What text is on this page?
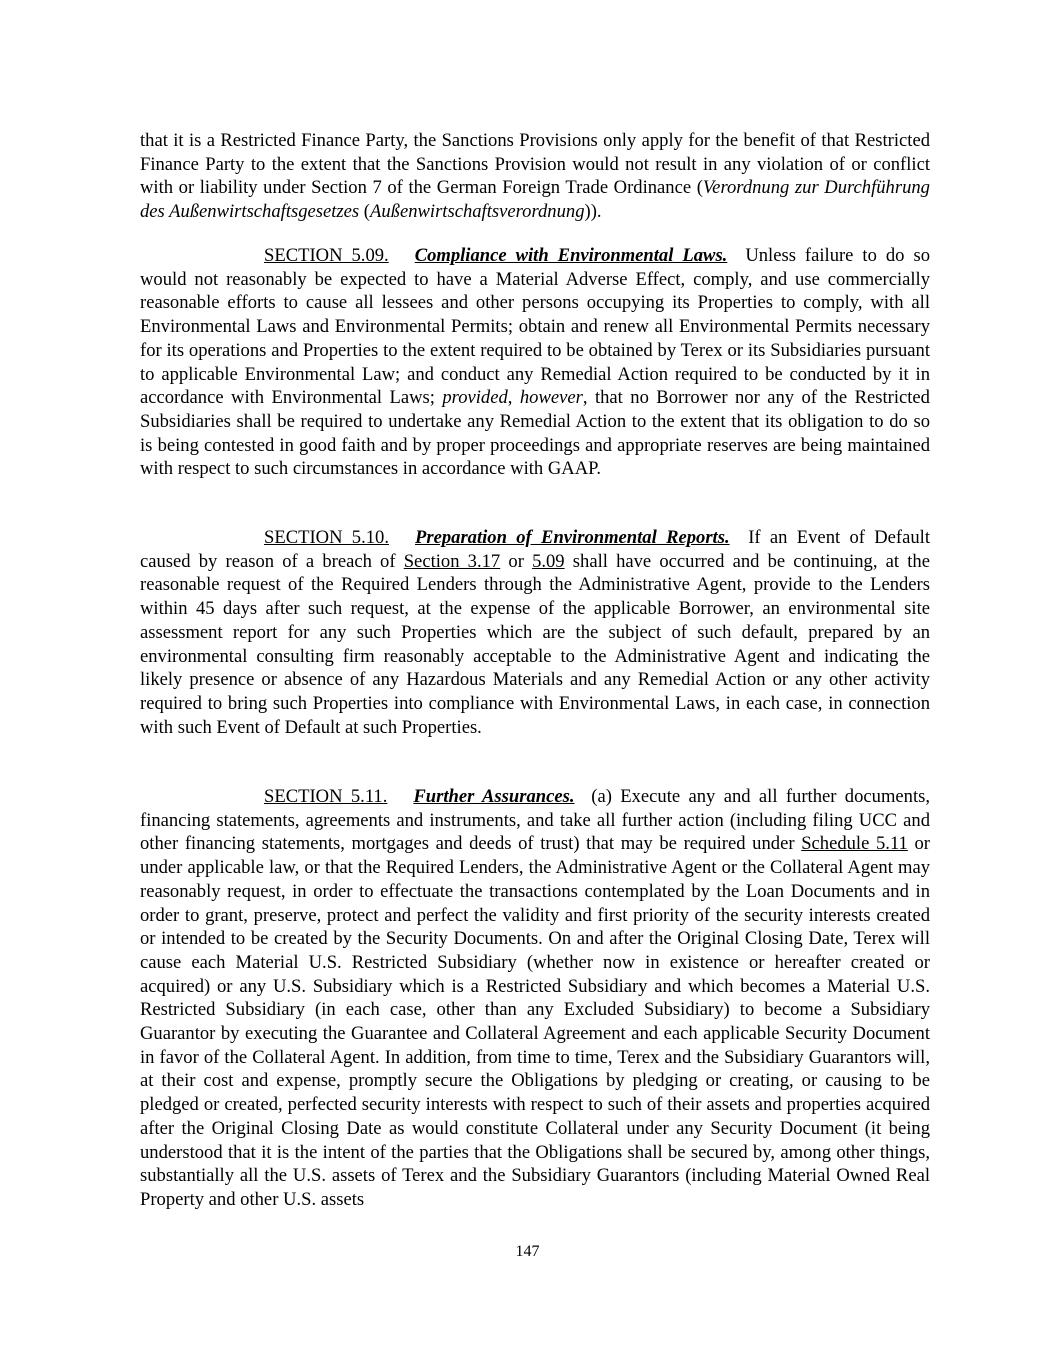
that it is a Restricted Finance Party, the Sanctions Provisions only apply for the benefit of that Restricted Finance Party to the extent that the Sanctions Provision would not result in any violation of or conflict with or liability under Section 7 of the German Foreign Trade Ordinance (Verordnung zur Durchführung des Außenwirtschaftsgesetzes (Außenwirtschaftsverordnung)).

SECTION 5.09. Compliance with Environmental Laws. Unless failure to do so would not reasonably be expected to have a Material Adverse Effect, comply, and use commercially reasonable efforts to cause all lessees and other persons occupying its Properties to comply, with all Environmental Laws and Environmental Permits; obtain and renew all Environmental Permits necessary for its operations and Properties to the extent required to be obtained by Terex or its Subsidiaries pursuant to applicable Environmental Law; and conduct any Remedial Action required to be conducted by it in accordance with Environmental Laws; provided, however, that no Borrower nor any of the Restricted Subsidiaries shall be required to undertake any Remedial Action to the extent that its obligation to do so is being contested in good faith and by proper proceedings and appropriate reserves are being maintained with respect to such circumstances in accordance with GAAP.

SECTION 5.10. Preparation of Environmental Reports. If an Event of Default caused by reason of a breach of Section 3.17 or 5.09 shall have occurred and be continuing, at the reasonable request of the Required Lenders through the Administrative Agent, provide to the Lenders within 45 days after such request, at the expense of the applicable Borrower, an environmental site assessment report for any such Properties which are the subject of such default, prepared by an environmental consulting firm reasonably acceptable to the Administrative Agent and indicating the likely presence or absence of any Hazardous Materials and any Remedial Action or any other activity required to bring such Properties into compliance with Environmental Laws, in each case, in connection with such Event of Default at such Properties.

SECTION 5.11. Further Assurances. (a) Execute any and all further documents, financing statements, agreements and instruments, and take all further action (including filing UCC and other financing statements, mortgages and deeds of trust) that may be required under Schedule 5.11 or under applicable law, or that the Required Lenders, the Administrative Agent or the Collateral Agent may reasonably request, in order to effectuate the transactions contemplated by the Loan Documents and in order to grant, preserve, protect and perfect the validity and first priority of the security interests created or intended to be created by the Security Documents. On and after the Original Closing Date, Terex will cause each Material U.S. Restricted Subsidiary (whether now in existence or hereafter created or acquired) or any U.S. Subsidiary which is a Restricted Subsidiary and which becomes a Material U.S. Restricted Subsidiary (in each case, other than any Excluded Subsidiary) to become a Subsidiary Guarantor by executing the Guarantee and Collateral Agreement and each applicable Security Document in favor of the Collateral Agent. In addition, from time to time, Terex and the Subsidiary Guarantors will, at their cost and expense, promptly secure the Obligations by pledging or creating, or causing to be pledged or created, perfected security interests with respect to such of their assets and properties acquired after the Original Closing Date as would constitute Collateral under any Security Document (it being understood that it is the intent of the parties that the Obligations shall be secured by, among other things, substantially all the U.S. assets of Terex and the Subsidiary Guarantors (including Material Owned Real Property and other U.S. assets

147
